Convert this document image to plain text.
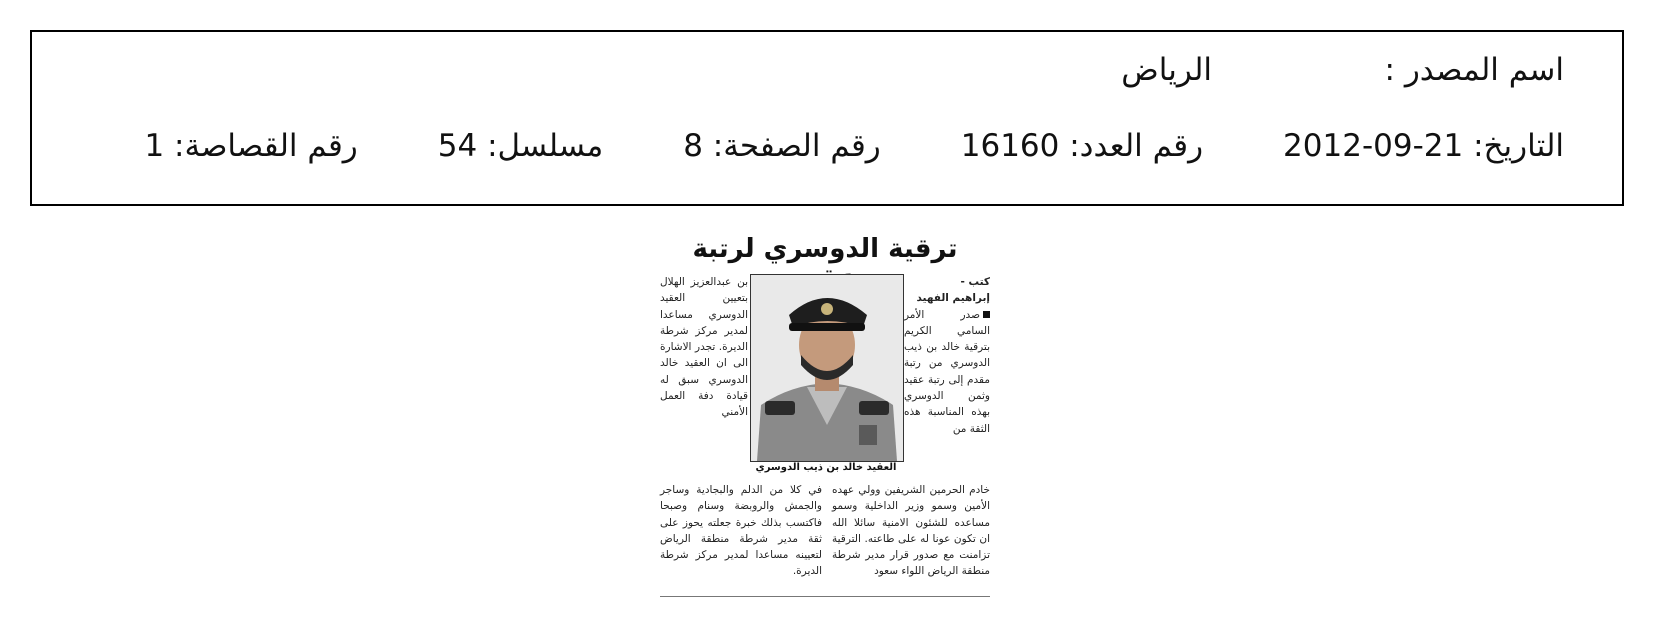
اسم المصدر :
الرياض
التاريخ: 21-09-2012
رقم العدد: 16160
رقم الصفحة: 8
مسلسل: 54
رقم القصاصة: 1
ترقية الدوسري لرتبة
كتب -
إبراهيم الفهيد
صدر الأمر السامي الكريم بترقية خالد بن ذيب الدوسري من رتبة مقدم إلى رتبة عقيد وثمن الدوسري بهذه المناسبة هذه الثقة من
العقيد خالد بن ذيب الدوسري
بن عبدالعزيز الهلال بتعيين العقيد الدوسري مساعدا لمدير مركز شرطة الديرة. تجدر الاشارة الى ان العقيد خالد الدوسري سبق له قيادة دفة العمل الأمني
خادم الحرمين الشريفين وولي عهده الأمين وسمو وزير الداخلية وسمو مساعده للشئون الامنية سائلا الله ان تكون عونا له على طاعته. الترقية تزامنت مع صدور قرار مدير شرطة منطقة الرياض اللواء سعود
في كلا من الدلم والبجادية وساجر والجمش والروبضة وسنام وصبحا فاكتسب بذلك خبرة جعلته يحوز على ثقة مدير شرطة منطقة الرياض لتعيينه مساعدا لمدير مركز شرطة الديرة.
